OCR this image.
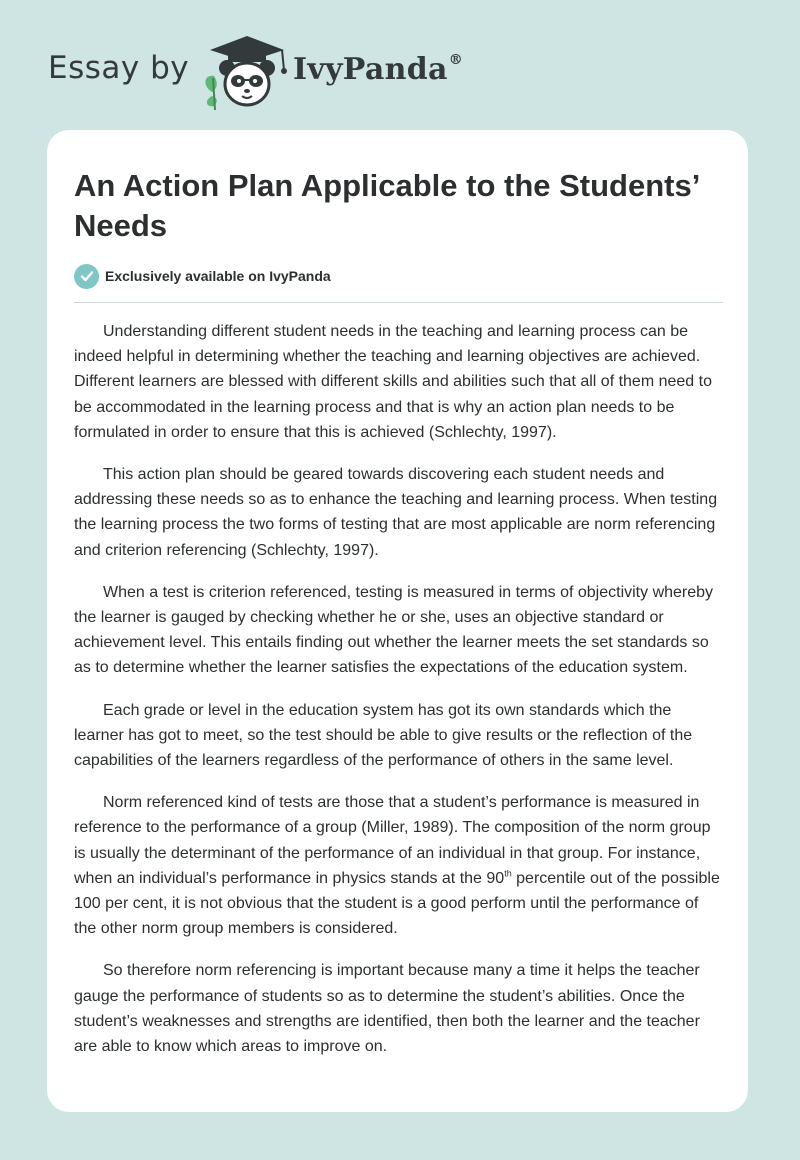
Essay by	IvyPanda®
An Action Plan Applicable to the Students’ Needs
Exclusively available on IvyPanda

Understanding different student needs in the teaching and learning process can be indeed helpful in determining whether the teaching and learning objectives are achieved. Different learners are blessed with different skills and abilities such that all of them need to be accommodated in the learning process and that is why an action plan needs to be formulated in order to ensure that this is achieved (Schlechty, 1997).

This action plan should be geared towards discovering each student needs and addressing these needs so as to enhance the teaching and learning process. When testing the learning process the two forms of testing that are most applicable are norm referencing and criterion referencing (Schlechty, 1997).

When a test is criterion referenced, testing is measured in terms of objectivity whereby the learner is gauged by checking whether he or she, uses an objective standard or achievement level. This entails finding out whether the learner meets the set standards so as to determine whether the learner satisfies the expectations of the education system.

Each grade or level in the education system has got its own standards which the learner has got to meet, so the test should be able to give results or the reflection of the capabilities of the learners regardless of the performance of others in the same level.

Norm referenced kind of tests are those that a student’s performance is measured in reference to the performance of a group (Miller, 1989). The composition of the norm group is usually the determinant of the performance of an individual in that group. For instance, when an individual’s performance in physics stands at the 90th percentile out of the possible 100 per cent, it is not obvious that the student is a good perform until the performance of the other norm group members is considered.

So therefore norm referencing is important because many a time it helps the teacher gauge the performance of students so as to determine the student’s abilities. Once the student’s weaknesses and strengths are identified, then both the learner and the teacher are able to know which areas to improve on.
